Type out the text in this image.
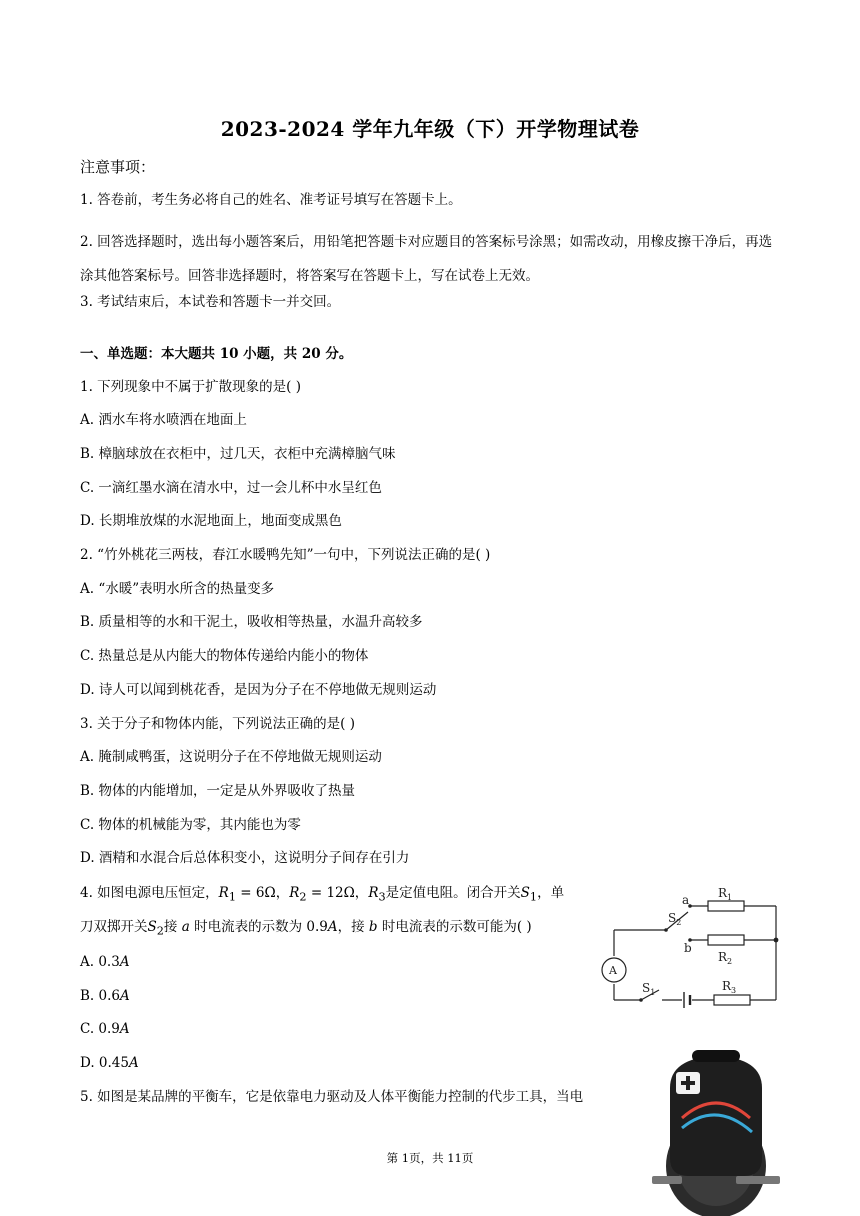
2023-2024 学年九年级（下）开学物理试卷
注意事项：
1. 答卷前，考生务必将自己的姓名、准考证号填写在答题卡上。
2. 回答选择题时，选出每小题答案后，用铅笔把答题卡对应题目的答案标号涂黑；如需改动，用橡皮擦干净后，再选涂其他答案标号。回答非选择题时，将答案写在答题卡上，写在试卷上无效。
3. 考试结束后，本试卷和答题卡一并交回。
一、单选题：本大题共 10 小题，共 20 分。
1. 下列现象中不属于扩散现象的是( )
A. 洒水车将水喷洒在地面上
B. 樟脑球放在衣柜中，过几天，衣柜中充满樟脑气味
C. 一滴红墨水滴在清水中，过一会儿杯中水呈红色
D. 长期堆放煤的水泥地面上，地面变成黑色
2. “竹外桃花三两枝，春江水暖鸭先知”一句中，下列说法正确的是( )
A. “水暖”表明水所含的热量变多
B. 质量相等的水和干泥土，吸收相等热量，水温升高较多
C. 热量总是从内能大的物体传递给内能小的物体
D. 诗人可以闻到桃花香，是因为分子在不停地做无规则运动
3. 关于分子和物体内能，下列说法正确的是( )
A. 腌制咸鸭蛋，这说明分子在不停地做无规则运动
B. 物体的内能增加，一定是从外界吸收了热量
C. 物体的机械能为零，其内能也为零
D. 酒精和水混合后总体积变小，这说明分子间存在引力
4. 如图电源电压恒定，$R_1 = 6\Omega$，$R_2 = 12\Omega$，$R_3$是定值电阻。闭合开关$S_1$，单
刀双掷开关$S_2$接 a 时电流表的示数为 0.9A，接 b 时电流表的示数可能为( )
A. 0.3A
B. 0.6A
C. 0.9A
D. 0.45A
a
b
$R_1$
$R_2$
$R_3$
$S_2$
$S_1$
A
5. 如图是某品牌的平衡车，它是依靠电力驱动及人体平衡能力控制的代步工具，当电
第 1页，共 11页
